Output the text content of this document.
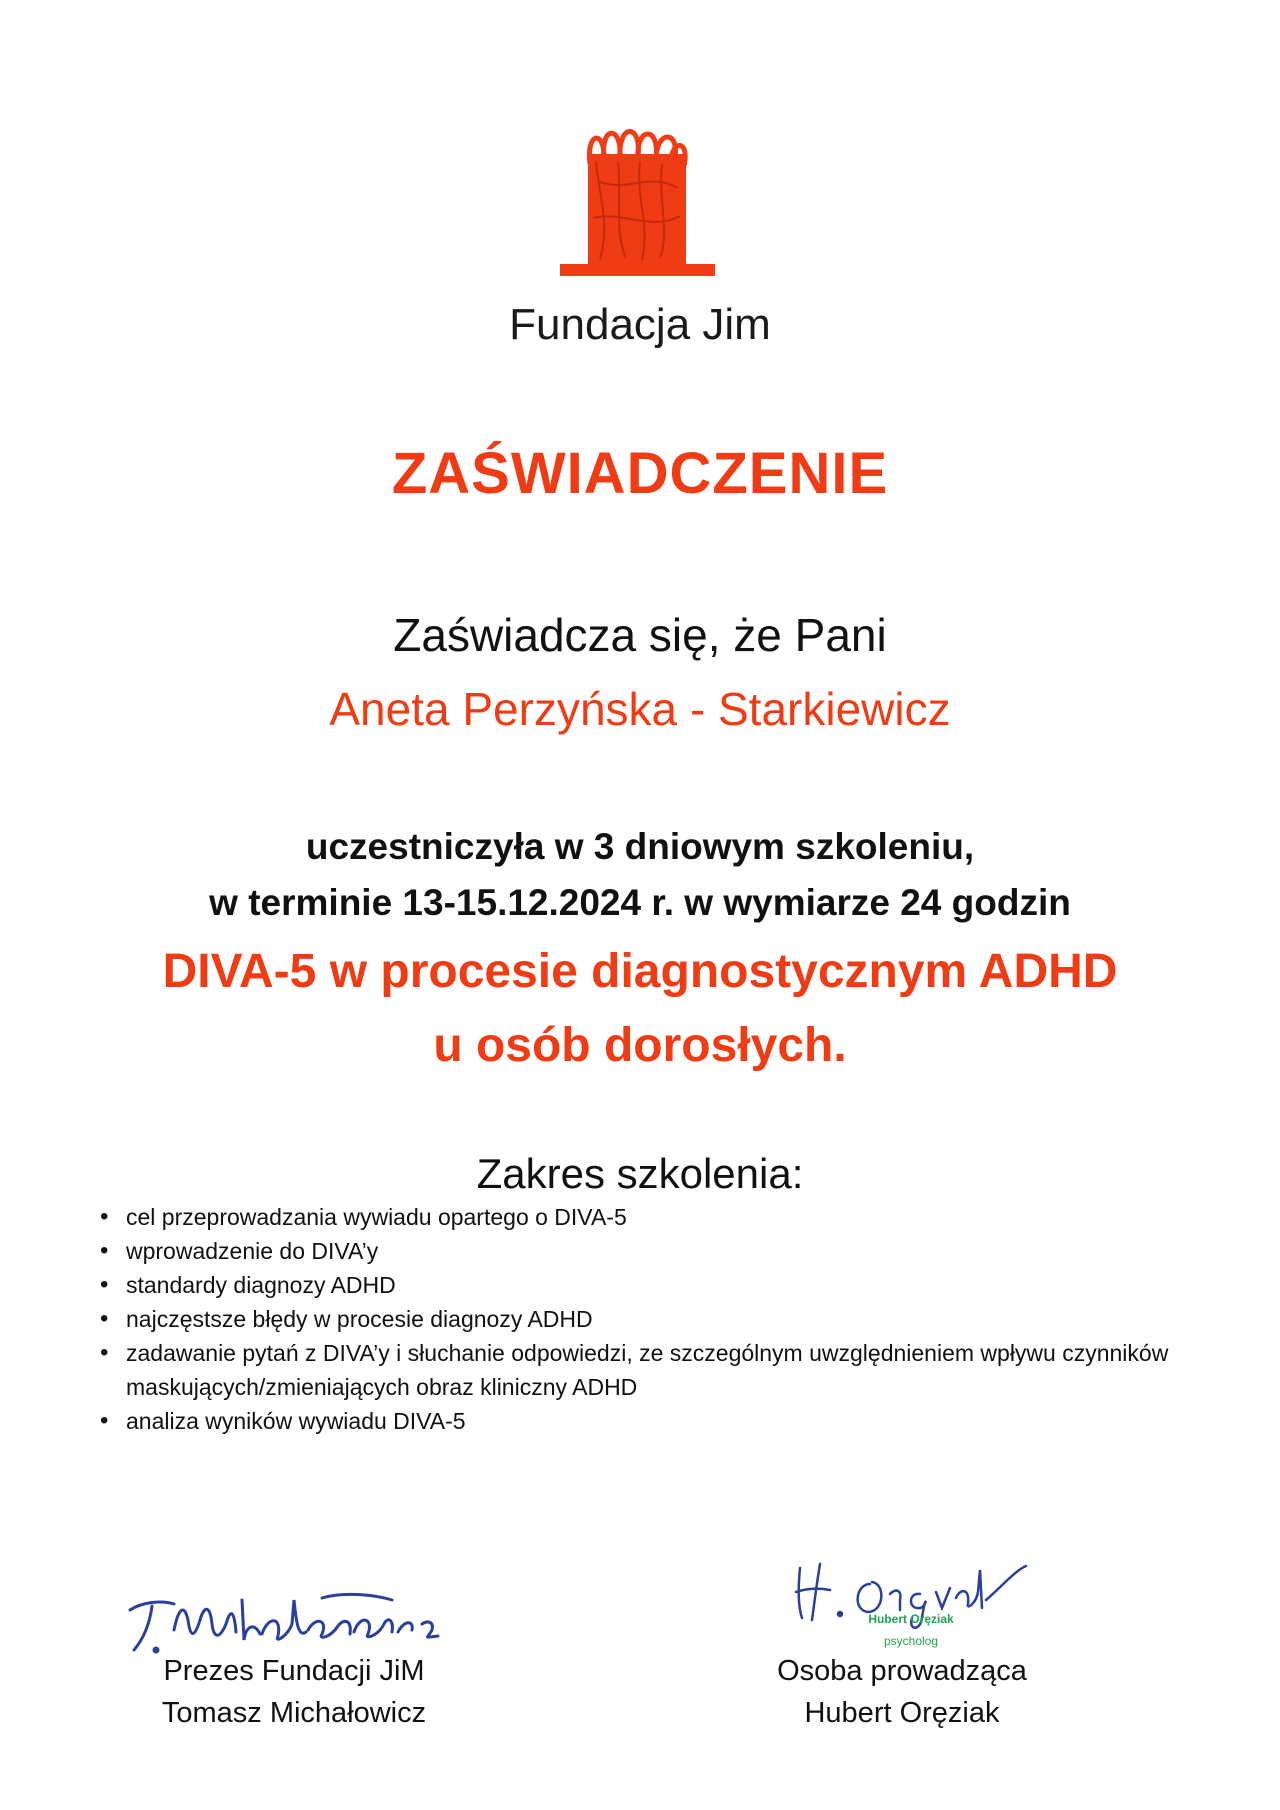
Fundacja Jim
ZAŚWIADCZENIE
Zaświadcza się, że Pani
Aneta Perzyńska - Starkiewicz
uczestniczyła w 3 dniowym szkoleniu,
w terminie 13-15.12.2024 r. w wymiarze 24 godzin
DIVA-5 w procesie diagnostycznym ADHD
u osób dorosłych.
Zakres szkolenia:
• cel przeprowadzania wywiadu opartego o DIVA-5
• wprowadzenie do DIVA’y
• standardy diagnozy ADHD
• najczęstsze błędy w procesie diagnozy ADHD
• zadawanie pytań z DIVA’y i słuchanie odpowiedzi, ze szczególnym uwzględnieniem wpływu czynników maskujących/zmieniających obraz kliniczny ADHD
• analiza wyników wywiadu DIVA-5
Hubert Oręziak
psycholog
Prezes Fundacji JiM
Tomasz Michałowicz
Osoba prowadząca
Hubert Oręziak
